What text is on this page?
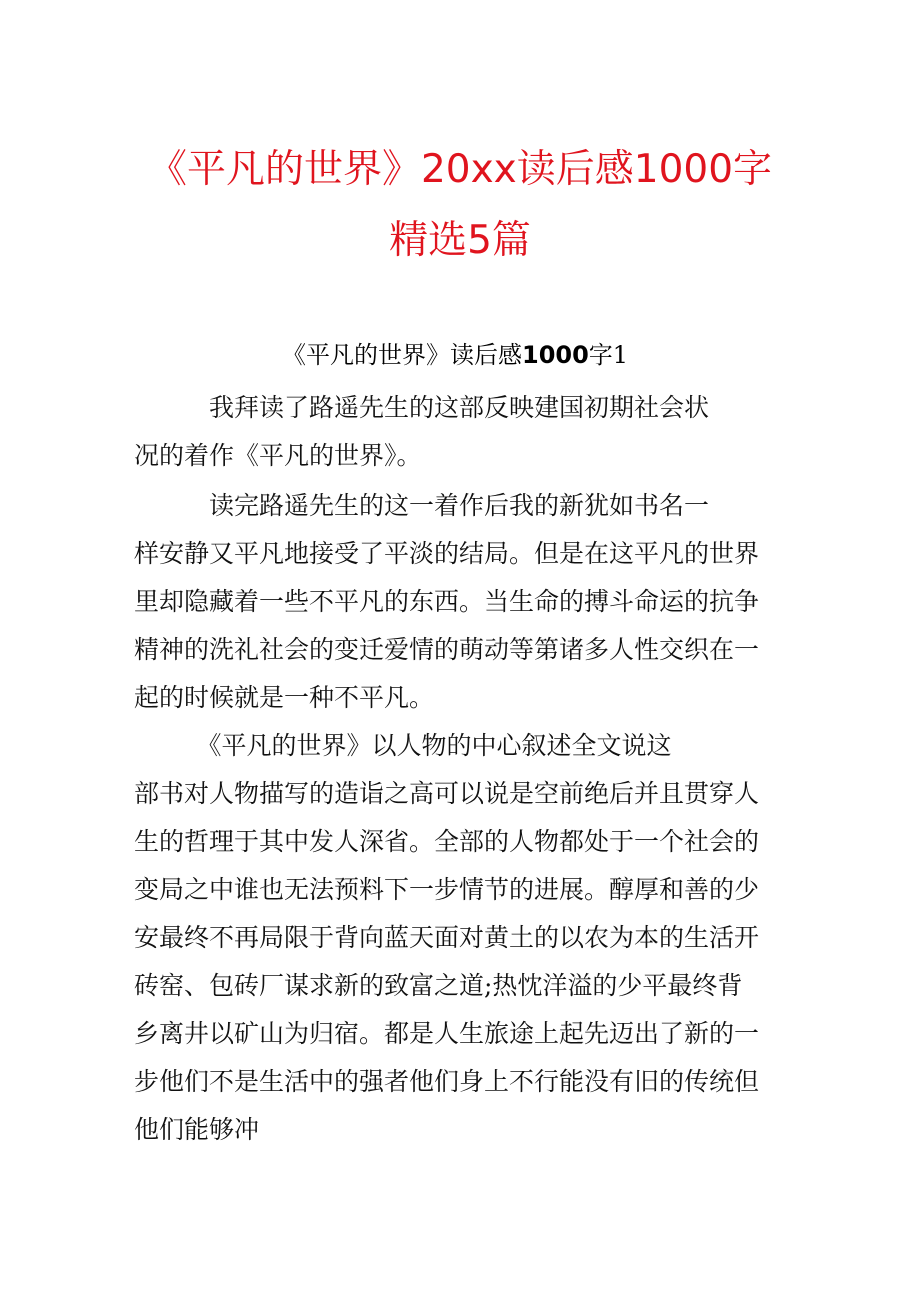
《平凡的世界》20xx读后感1000字
精选5篇
《平凡的世界》读后感1000字1
　　　我拜读了路遥先生的这部反映建国初期社会状
况的着作《平凡的世界》。
　　　读完路遥先生的这一着作后我的新犹如书名一
样安静又平凡地接受了平淡的结局。但是在这平凡的世界
里却隐藏着一些不平凡的东西。当生命的搏斗命运的抗争
精神的洗礼社会的变迁爱情的萌动等第诸多人性交织在一
起的时候就是一种不平凡。
　　　《平凡的世界》以人物的中心叙述全文说这
部书对人物描写的造诣之高可以说是空前绝后并且贯穿人
生的哲理于其中发人深省。全部的人物都处于一个社会的
变局之中谁也无法预料下一步情节的进展。醇厚和善的少
安最终不再局限于背向蓝天面对黄土的以农为本的生活开
砖窑、包砖厂谋求新的致富之道;热忱洋溢的少平最终背
乡离井以矿山为归宿。都是人生旅途上起先迈出了新的一
步他们不是生活中的强者他们身上不行能没有旧的传统但
他们能够冲
